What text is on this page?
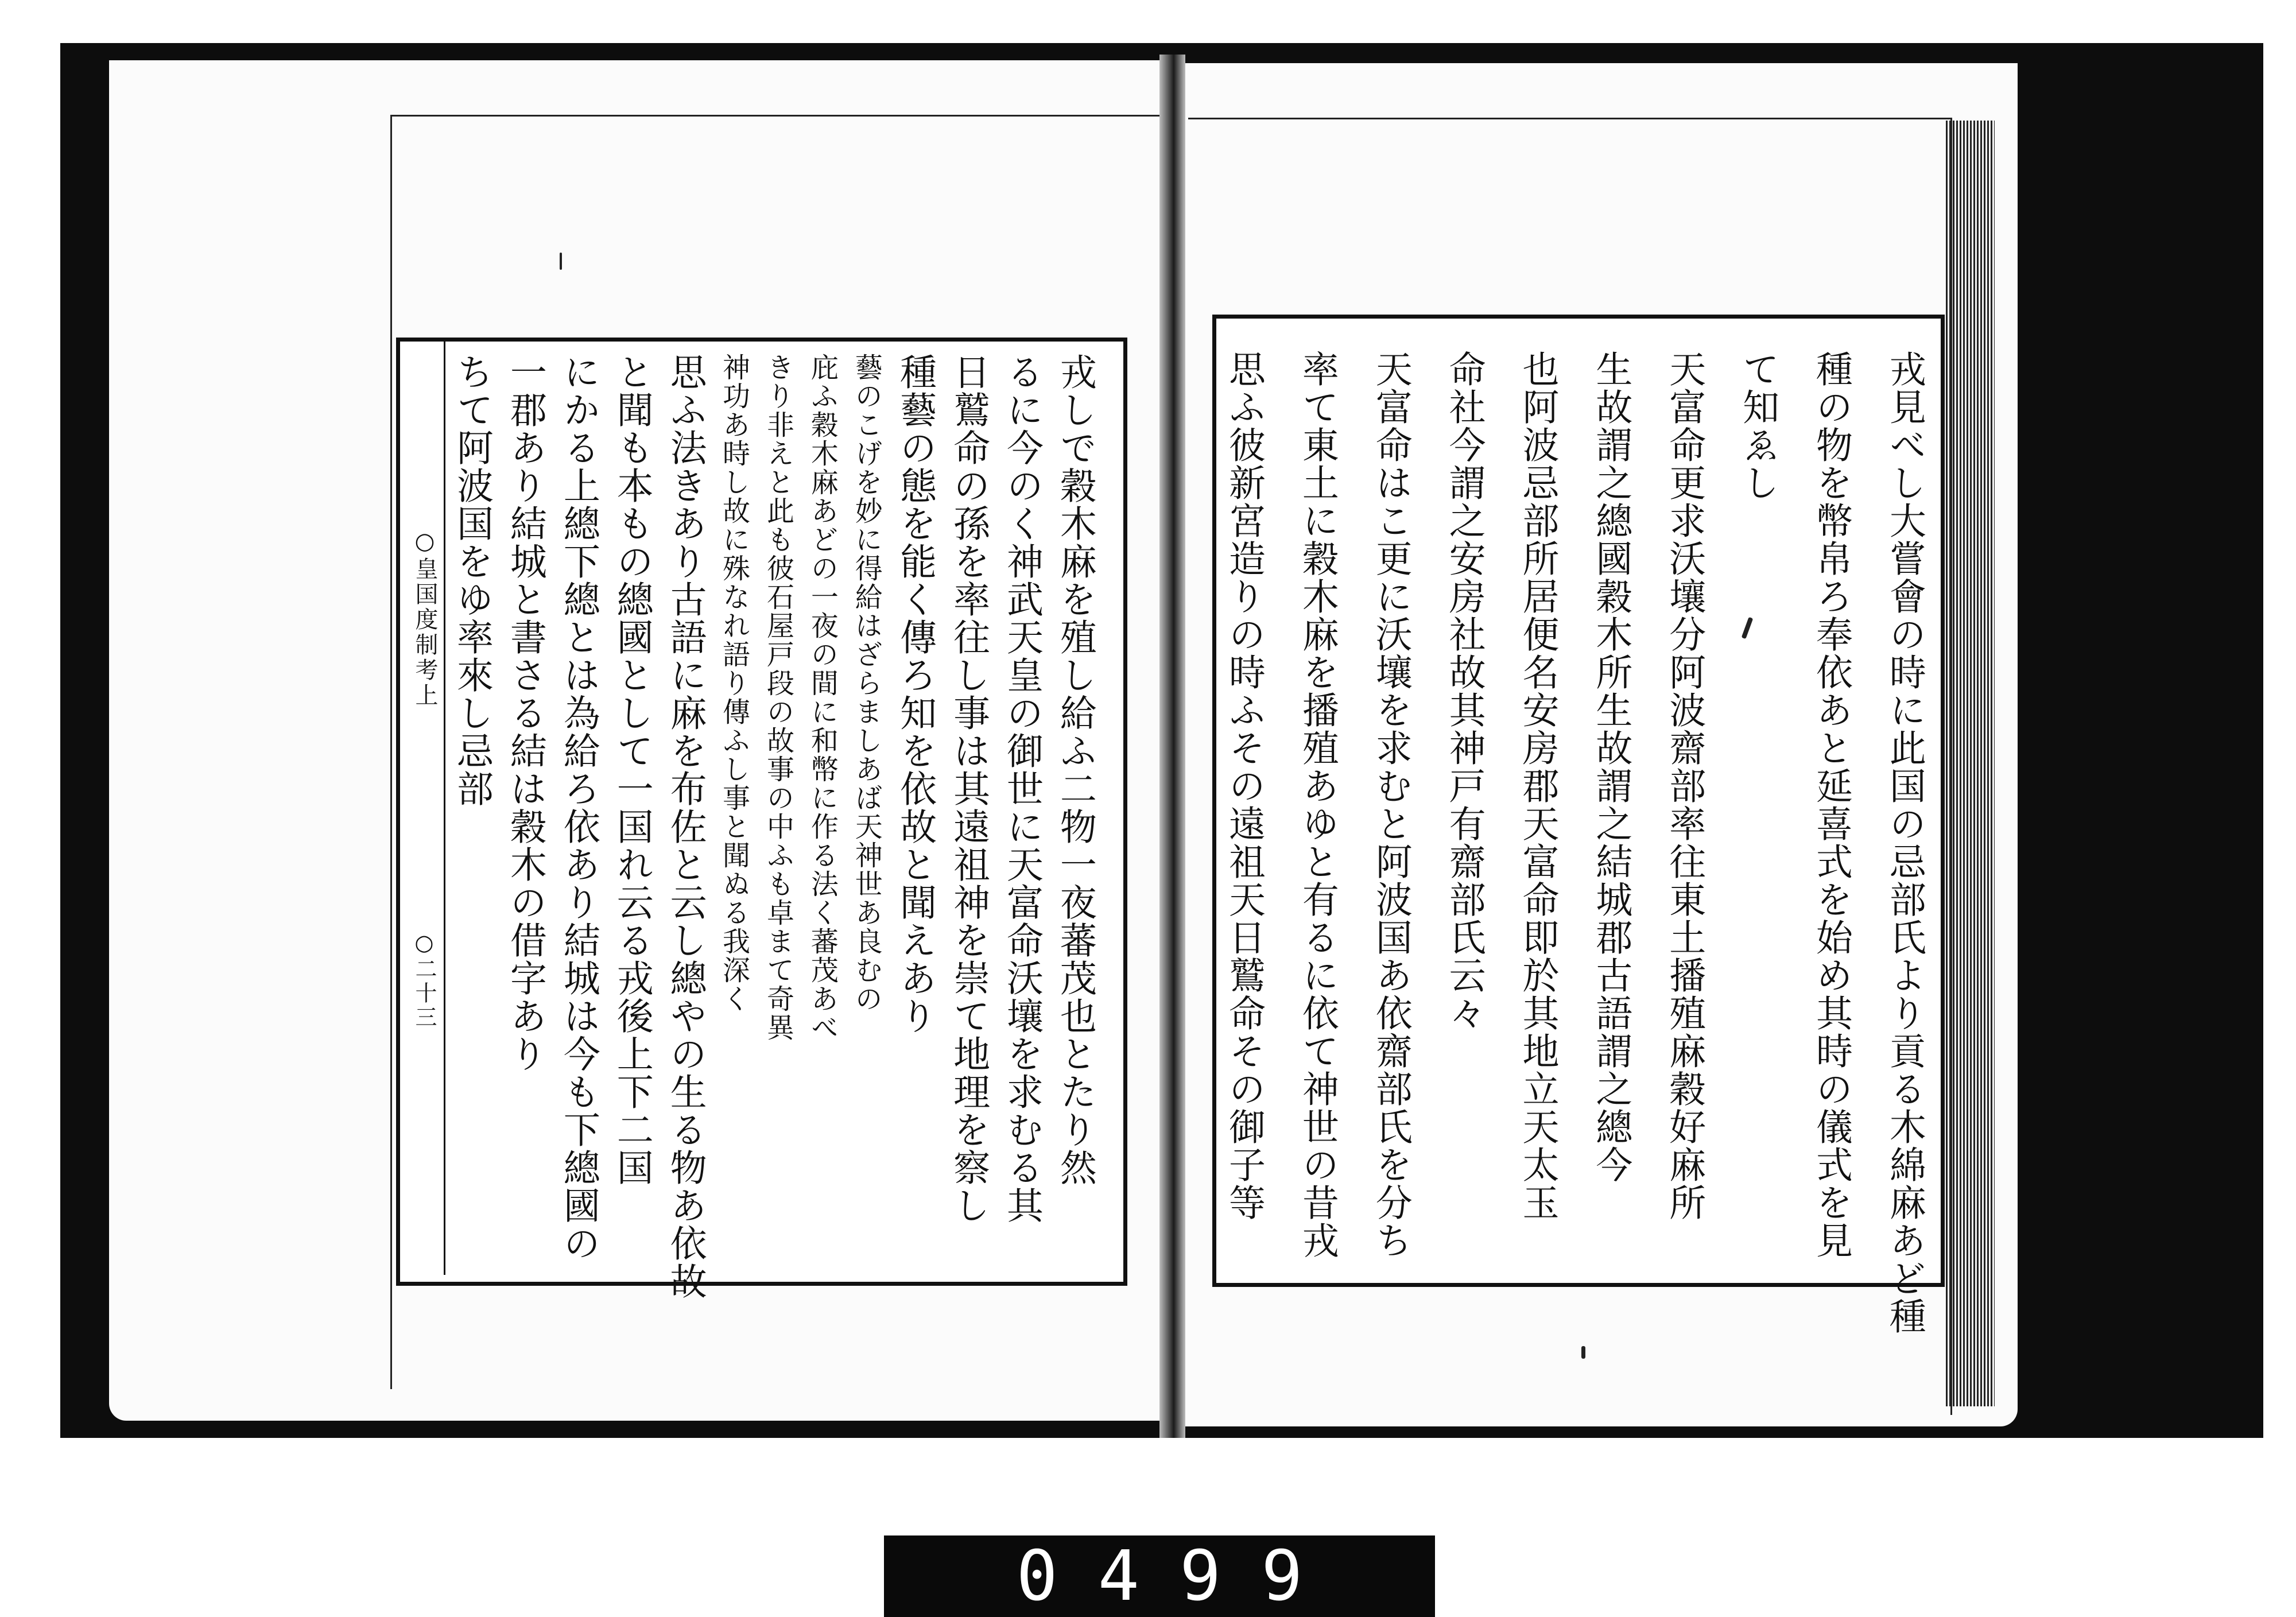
○皇国度制考上
○二十三	戎しで穀木麻を殖し給ふ二物一夜蕃茂也とたり然
るに今のく神武天皇の御世に天富命沃壤を求むる其
日鷲命の孫を率往し事は其遠祖神を崇て地理を察し
種藝の態を能く傳ろ知を依故と聞えあり
藝のこげを妙に得給はざらましあば天神世あ良むの
庇ふ穀木麻あどの一夜の間に和幣に作る法く蕃茂あべ
きり非えと此も彼石屋戸段の故事の中ふも卓まて奇異
神功あ時し故に殊なれ語り傳ふし事と聞ぬる我深く
思ふ法きあり古語に麻を布佐と云し總やの生る物あ依故
と聞も本もの總國として一国れ云る戎後上下二国
にかる上總下總とは為給ろ依あり結城は今も下總國の
一郡あり結城と書さる結は穀木の借字あり
ちて阿波国をゆ率來し忌部	戎見べし大嘗會の時に此国の忌部氏より貢る木綿麻あど種
種の物を幣帛ろ奉依あと延喜式を始め其時の儀式を見
て知ゑし
天富命更求沃壤分阿波齋部率往東土播殖麻穀好麻所
生故謂之總國穀木所生故謂之結城郡古語謂之總今
也阿波忌部所居便名安房郡天富命即於其地立天太玉
命社今謂之安房社故其神戸有齋部氏云々
天富命はこ更に沃壤を求むと阿波国あ依齋部氏を分ち
率て東土に穀木麻を播殖あゆと有るに依て神世の昔戎
思ふ彼新宮造りの時ふその遠祖天日鷲命その御子等
0499
